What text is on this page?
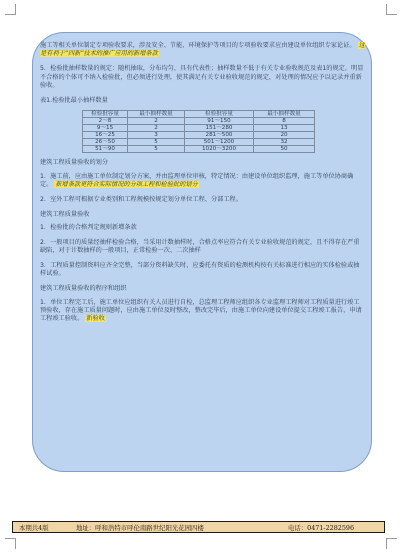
施工等相关单位制定专项验收要求，涉及安全、节能、环境保护等项目的专项验收要求应由建设单位组织专家论证。 这是有利于“四新”技术的推广应用的新增条款

5．检验批抽样数量的规定：随机抽取，分布均匀，具有代表性；抽样数量不低于有关专业验收规范及表1的规定，明显不合格的个体可不纳入检验批，但必须进行处理，使其满足有关专业验收规范的规定，对处理的情况应予以记录并重新验收。

表1.检验批最小抽样数量

检验批容量	最小抽样数量	检验批容量	最小抽样数量
2～8	2	91～150	8
9～15	2	151～280	13
16～25	3	281～500	20
26～50	5	501～1200	32
51～90	5	1020～3200	50

建筑工程质量验收的划分

1．施工前，应由施工单位制定划分方案，并由监理单位审核，特定情况：由建设单位组织监理，施工等单位协商确定。 新增条款更符合实际情况的分项工程和检验批的划分

2．室外工程可根据专业类别和工程规模按规定划分单位工程、分部工程。

建筑工程质量验收

1．检验批的合格判定规则新增条款

2．一般项目的质量经抽样检验合格，当采用计数抽样时，合格点率应符合有关专业验收规范的规定，且不得存在严重缺陷，对于计数抽样的一般项目，正常检验一次、二次抽样

3．工程质量控制资料应齐全完整，当部分资料缺失时，应委托有资质的检测机构按有关标准进行相应的实体检验或抽样试验。

建筑工程质量验收的程序和组织

1．单位工程完工后，施工单位应组织有关人员进行自检，总监理工程师应组织各专业监理工程师对工程质量进行竣工预验收，存在施工质量问题时，应由施工单位及时整改，整改完毕后，由施工单位向建设单位提交工程竣工报告，申请工程竣工验收。 新验收

本期共4版	地址：呼和浩特市呼伦南路世纪阳光花园四楼	电话：0471-2282596
